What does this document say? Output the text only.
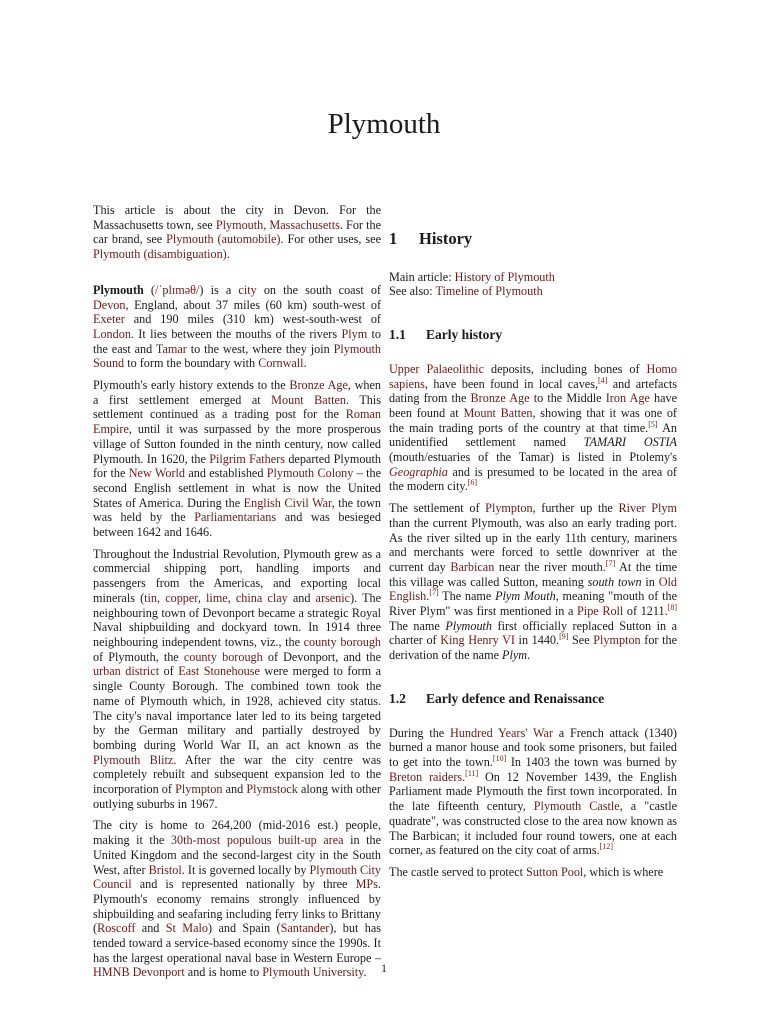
Plymouth

This article is about the city in Devon. For the Massachusetts town, see Plymouth, Massachusetts. For the car brand, see Plymouth (automobile). For other uses, see Plymouth (disambiguation).

Plymouth (/ˈplɪməθ/) is a city on the south coast of Devon, England, about 37 miles (60 km) south-west of Exeter and 190 miles (310 km) west-south-west of London. It lies between the mouths of the rivers Plym to the east and Tamar to the west, where they join Plymouth Sound to form the boundary with Cornwall.

Plymouth's early history extends to the Bronze Age, when a first settlement emerged at Mount Batten. This settlement continued as a trading post for the Roman Empire, until it was surpassed by the more prosperous village of Sutton founded in the ninth century, now called Plymouth. In 1620, the Pilgrim Fathers departed Plymouth for the New World and established Plymouth Colony – the second English settlement in what is now the United States of America. During the English Civil War, the town was held by the Parliamentarians and was besieged between 1642 and 1646.

Throughout the Industrial Revolution, Plymouth grew as a commercial shipping port, handling imports and passengers from the Americas, and exporting local minerals (tin, copper, lime, china clay and arsenic). The neighbouring town of Devonport became a strategic Royal Naval shipbuilding and dockyard town. In 1914 three neighbouring independent towns, viz., the county borough of Plymouth, the county borough of Devonport, and the urban district of East Stonehouse were merged to form a single County Borough. The combined town took the name of Plymouth which, in 1928, achieved city status. The city's naval importance later led to its being targeted by the German military and partially destroyed by bombing during World War II, an act known as the Plymouth Blitz. After the war the city centre was completely rebuilt and subsequent expansion led to the incorporation of Plympton and Plymstock along with other outlying suburbs in 1967.

The city is home to 264,200 (mid-2016 est.) people, making it the 30th-most populous built-up area in the United Kingdom and the second-largest city in the South West, after Bristol. It is governed locally by Plymouth City Council and is represented nationally by three MPs. Plymouth's economy remains strongly influenced by shipbuilding and seafaring including ferry links to Brittany (Roscoff and St Malo) and Spain (Santander), but has tended toward a service-based economy since the 1990s. It has the largest operational naval base in Western Europe – HMNB Devonport and is home to Plymouth University.

1 History

Main article: History of Plymouth

See also: Timeline of Plymouth

1.1 Early history

Upper Palaeolithic deposits, including bones of Homo sapiens, have been found in local caves,[4] and artefacts dating from the Bronze Age to the Middle Iron Age have been found at Mount Batten, showing that it was one of the main trading ports of the country at that time.[5] An unidentified settlement named TAMARI OSTIA (mouth/estuaries of the Tamar) is listed in Ptolemy's Geographia and is presumed to be located in the area of the modern city.[6]

The settlement of Plympton, further up the River Plym than the current Plymouth, was also an early trading port. As the river silted up in the early 11th century, mariners and merchants were forced to settle downriver at the current day Barbican near the river mouth.[7] At the time this village was called Sutton, meaning south town in Old English.[7] The name Plym Mouth, meaning "mouth of the River Plym" was first mentioned in a Pipe Roll of 1211.[8] The name Plymouth first officially replaced Sutton in a charter of King Henry VI in 1440.[9] See Plympton for the derivation of the name Plym.

1.2 Early defence and Renaissance

During the Hundred Years' War a French attack (1340) burned a manor house and took some prisoners, but failed to get into the town.[10] In 1403 the town was burned by Breton raiders.[11] On 12 November 1439, the English Parliament made Plymouth the first town incorporated. In the late fifteenth century, Plymouth Castle, a "castle quadrate", was constructed close to the area now known as The Barbican; it included four round towers, one at each corner, as featured on the city coat of arms.[12]

The castle served to protect Sutton Pool, which is where

1
